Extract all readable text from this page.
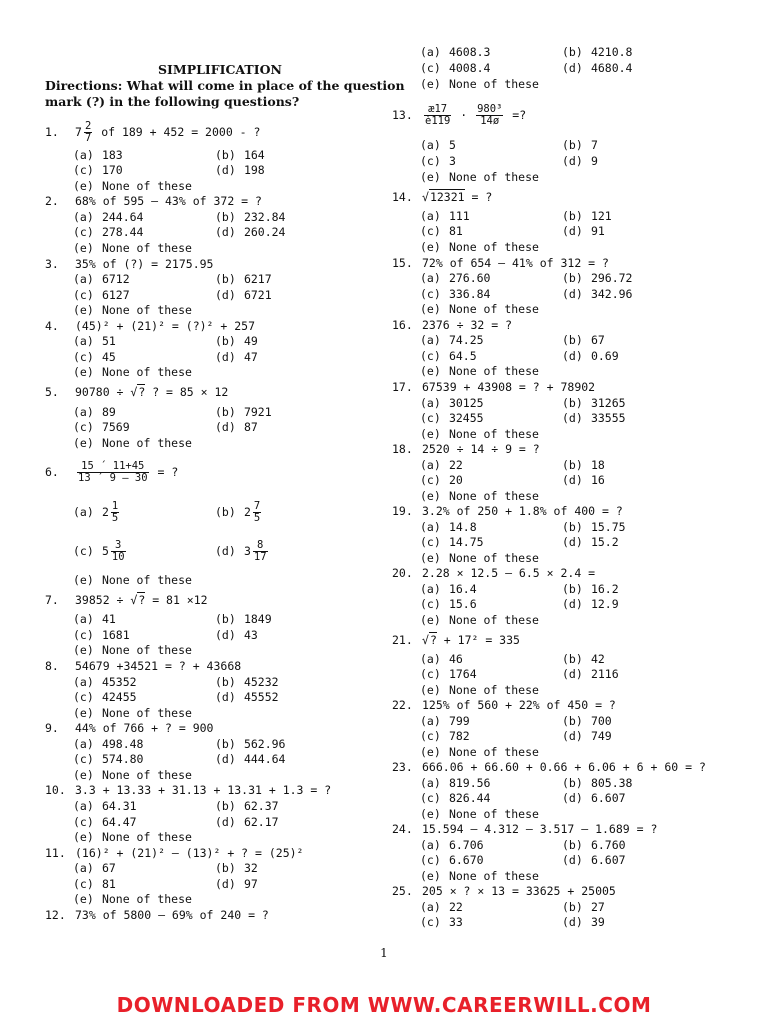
SIMPLIFICATION
Directions: What will come in place of the question
mark (?) in the following questions?
1. $7 \frac{2}{7}$ of 189 + 452 = 2000 - ?
(a) 183	(b) 164
(c) 170	(d) 198
(e) None of these
2. 68% of 595 – 43% of 372 = ?
(a) 244.64	(b) 232.84
(c) 278.44	(d) 260.24
(e) None of these
3. 35% of (?) = 2175.95
(a) 6712	(b) 6217
(c) 6127	(d) 6721
(e) None of these
4. (45)² + (21)² = (?)² + 257
(a) 51	(b) 49
(c) 45	(d) 47
(e) None of these
5. 90780 ÷ √? ? = 85 × 12
(a) 89	(b) 7921
(c) 7569	(d) 87
(e) None of these
6. $\frac{15 ´ 11+45}{13 ´ 9 - 30}$ = ?
(a) $2 \frac{1}{5}$	(b) $2 \frac{7}{5}$
(c) $5 \frac{3}{10}$	(d) $3 \frac{8}{17}$
(e) None of these
7. 39852 ÷ √? = 81 ×12
(a) 41	(b) 1849
(c) 1681	(d) 43
(e) None of these
8. 54679 +34521 = ? + 43668
(a) 45352	(b) 45232
(c) 42455	(d) 45552
(e) None of these
9. 44% of 766 + ? = 900
(a) 498.48	(b) 562.96
(c) 574.80	(d) 444.64
(e) None of these
10. 3.3 + 13.33 + 31.13 + 13.31 + 1.3 = ?
(a) 64.31	(b) 62.37
(c) 64.47	(d) 62.17
(e) None of these
11. (16)² + (21)² – (13)² + ? = (25)²
(a) 67	(b) 32
(c) 81	(d) 97
(e) None of these
12. 73% of 5800 – 69% of 240 = ?
(a) 4608.3	(b) 4210.8
(c) 4008.4	(d) 4680.4
(e) None of these
13. $\frac{æ17}{è119} \cdot \frac{\text{980³}}{14ø}$ =?
(a) 5	(b) 7
(c) 3	(d) 9
(e) None of these
14. √12321 = ?
(a) 111	(b) 121
(c) 81	(d) 91
(e) None of these
15. 72% of 654 – 41% of 312 = ?
(a) 276.60	(b) 296.72
(c) 336.84	(d) 342.96
(e) None of these
16. 2376 ÷ 32 = ?
(a) 74.25	(b) 67
(c) 64.5	(d) 0.69
(e) None of these
17. 67539 + 43908 = ? + 78902
(a) 30125	(b) 31265
(c) 32455	(d) 33555
(e) None of these
18. 2520 ÷ 14 ÷ 9 = ?
(a) 22	(b) 18
(c) 20	(d) 16
(e) None of these
19. 3.2% of 250 + 1.8% of 400 = ?
(a) 14.8	(b) 15.75
(c) 14.75	(d) 15.2
(e) None of these
20. 2.28 × 12.5 – 6.5 × 2.4 =
(a) 16.4	(b) 16.2
(c) 15.6	(d) 12.9
(e) None of these
21. √? + 17² = 335
(a) 46	(b) 42
(c) 1764	(d) 2116
(e) None of these
22. 125% of 560 + 22% of 450 = ?
(a) 799	(b) 700
(c) 782	(d) 749
(e) None of these
23. 666.06 + 66.60 + 0.66 + 6.06 + 6 + 60 = ?
(a) 819.56	(b) 805.38
(c) 826.44	(d) 6.607
(e) None of these
24. 15.594 – 4.312 – 3.517 – 1.689 = ?
(a) 6.706	(b) 6.760
(c) 6.670	(d) 6.607
(e) None of these
25. 205 × ? × 13 = 33625 + 25005
(a) 22	(b) 27
(c) 33	(d) 39
1
DOWNLOADED FROM WWW.CAREERWILL.COM
